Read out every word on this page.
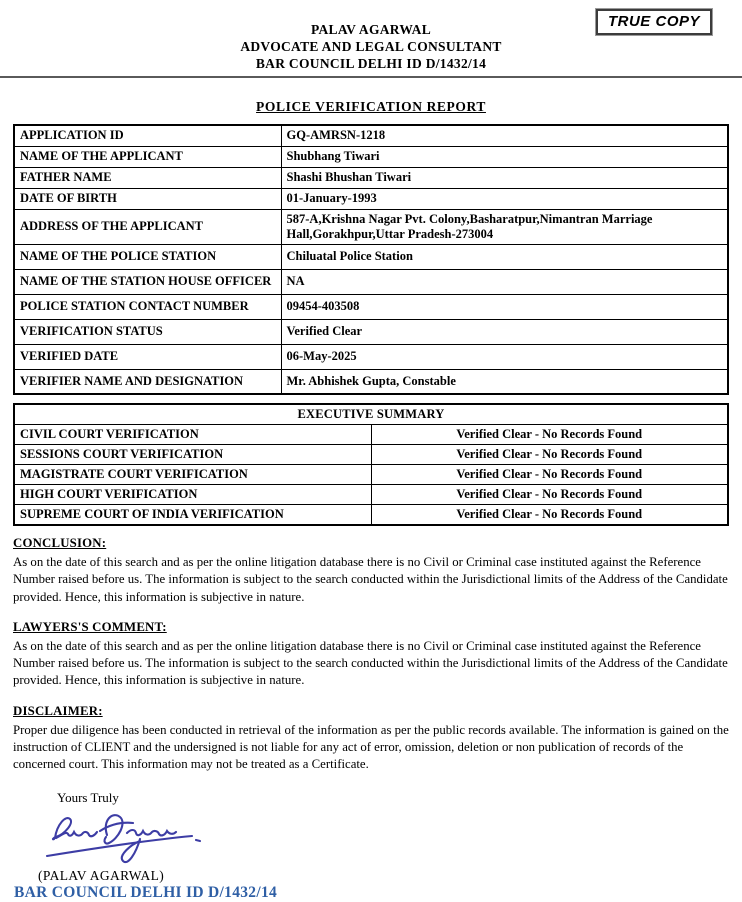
TRUE COPY
PALAV AGARWAL
ADVOCATE AND LEGAL CONSULTANT
BAR COUNCIL DELHI ID D/1432/14
POLICE VERIFICATION REPORT
APPLICATION ID	GQ-AMRSN-1218
NAME OF THE APPLICANT	Shubhang Tiwari
FATHER NAME	Shashi Bhushan Tiwari
DATE OF BIRTH	01-January-1993
ADDRESS OF THE APPLICANT	587-A,Krishna Nagar Pvt. Colony,Basharatpur,Nimantran Marriage Hall,Gorakhpur,Uttar Pradesh-273004
NAME OF THE POLICE STATION	Chiluatal Police Station
NAME OF THE STATION HOUSE OFFICER	NA
POLICE STATION CONTACT NUMBER	09454-403508
VERIFICATION STATUS	Verified Clear
VERIFIED DATE	06-May-2025
VERIFIER NAME AND DESIGNATION	Mr. Abhishek Gupta, Constable
EXECUTIVE SUMMARY	
CIVIL COURT VERIFICATION	Verified Clear - No Records Found
SESSIONS COURT VERIFICATION	Verified Clear - No Records Found
MAGISTRATE COURT VERIFICATION	Verified Clear - No Records Found
HIGH COURT VERIFICATION	Verified Clear - No Records Found
SUPREME COURT OF INDIA VERIFICATION	Verified Clear - No Records Found
CONCLUSION:
As on the date of this search and as per the online litigation database there is no Civil or Criminal case instituted against the Reference Number raised before us. The information is subject to the search conducted within the Jurisdictional limits of the Address of the Candidate provided. Hence, this information is subjective in nature.
LAWYERS'S COMMENT:
As on the date of this search and as per the online litigation database there is no Civil or Criminal case instituted against the Reference Number raised before us. The information is subject to the search conducted within the Jurisdictional limits of the Address of the Candidate provided. Hence, this information is subjective in nature.
DISCLAIMER:
Proper due diligence has been conducted in retrieval of the information as per the public records available. The information is gained on the instruction of CLIENT and the undersigned is not liable for any act of error, omission, deletion or non publication of records of the concerned court. This information may not be treated as a Certificate.
Yours Truly
(PALAV AGARWAL)
BAR COUNCIL DELHI ID D/1432/14
